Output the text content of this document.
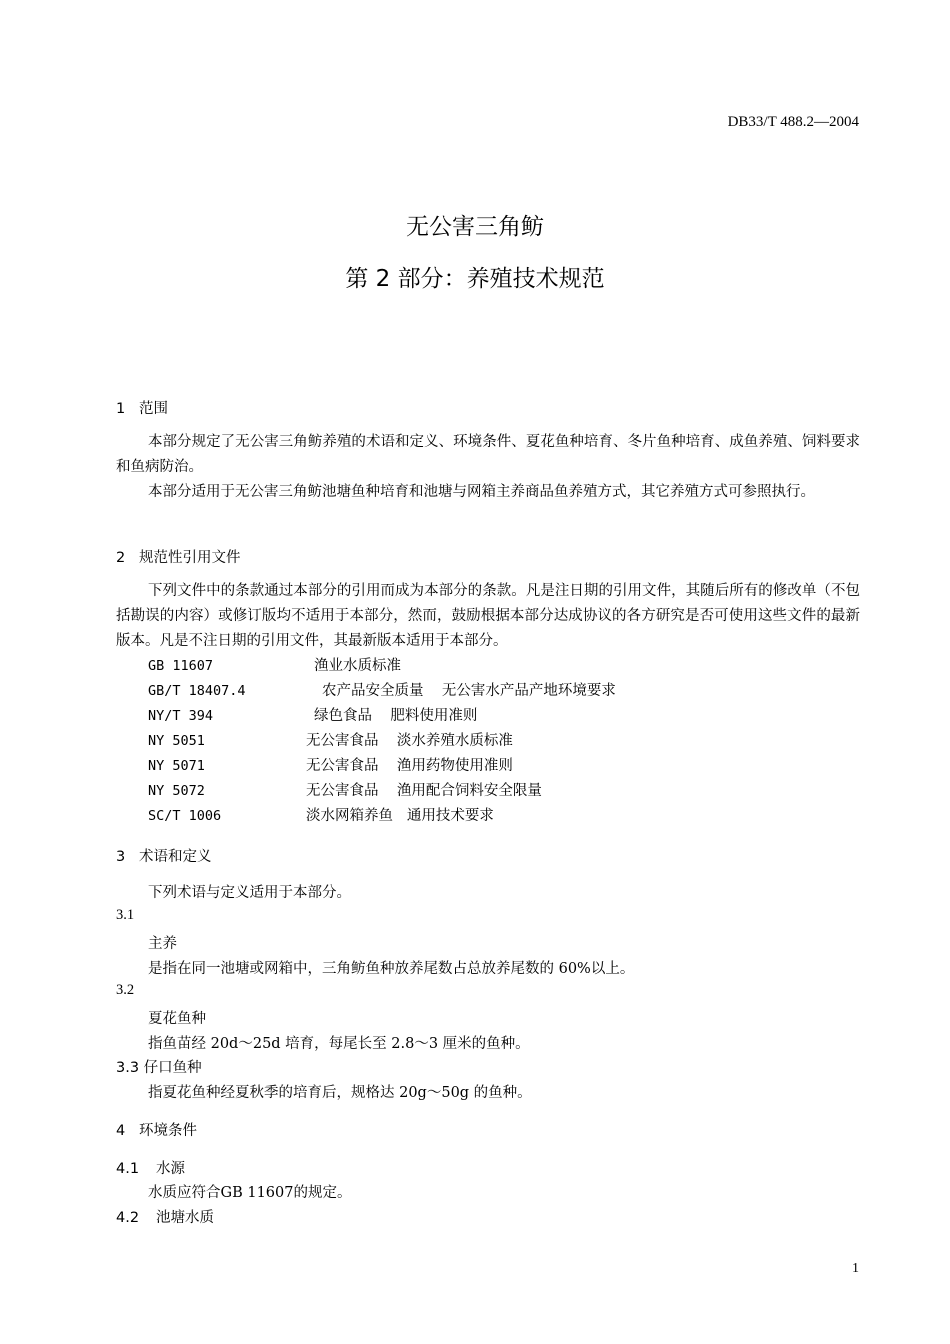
DB33/T 488.2—2004
无公害三角鲂
第 2 部分：养殖技术规范
1 范围
本部分规定了无公害三角鲂养殖的术语和定义、环境条件、夏花鱼种培育、冬片鱼种培育、成鱼养殖、饲料要求和鱼病防治。
本部分适用于无公害三角鲂池塘鱼种培育和池塘与网箱主养商品鱼养殖方式，其它养殖方式可参照执行。
2 规范性引用文件
下列文件中的条款通过本部分的引用而成为本部分的条款。凡是注日期的引用文件，其随后所有的修改单（不包括勘误的内容）或修订版均不适用于本部分，然而，鼓励根据本部分达成协议的各方研究是否可使用这些文件的最新版本。凡是不注日期的引用文件，其最新版本适用于本部分。
GB 11607	渔业水质标准
GB/T 18407.4	农产品安全质量    无公害水产品产地环境要求
NY/T 394	绿色食品    肥料使用准则
NY 5051	无公害食品    淡水养殖水质标准
NY 5071	无公害食品    渔用药物使用准则
NY 5072	无公害食品    渔用配合饲料安全限量
SC/T 1006	淡水网箱养鱼   通用技术要求
3 术语和定义
下列术语与定义适用于本部分。
3.1
主养
是指在同一池塘或网箱中，三角鲂鱼种放养尾数占总放养尾数的 60%以上。
3.2
夏花鱼种
指鱼苗经 20d～25d 培育，每尾长至 2.8～3 厘米的鱼种。
3.3 仔口鱼种
指夏花鱼种经夏秋季的培育后，规格达 20g～50g 的鱼种。
4 环境条件
4.1 水源
水质应符合GB 11607的规定。
4.2 池塘水质
1
